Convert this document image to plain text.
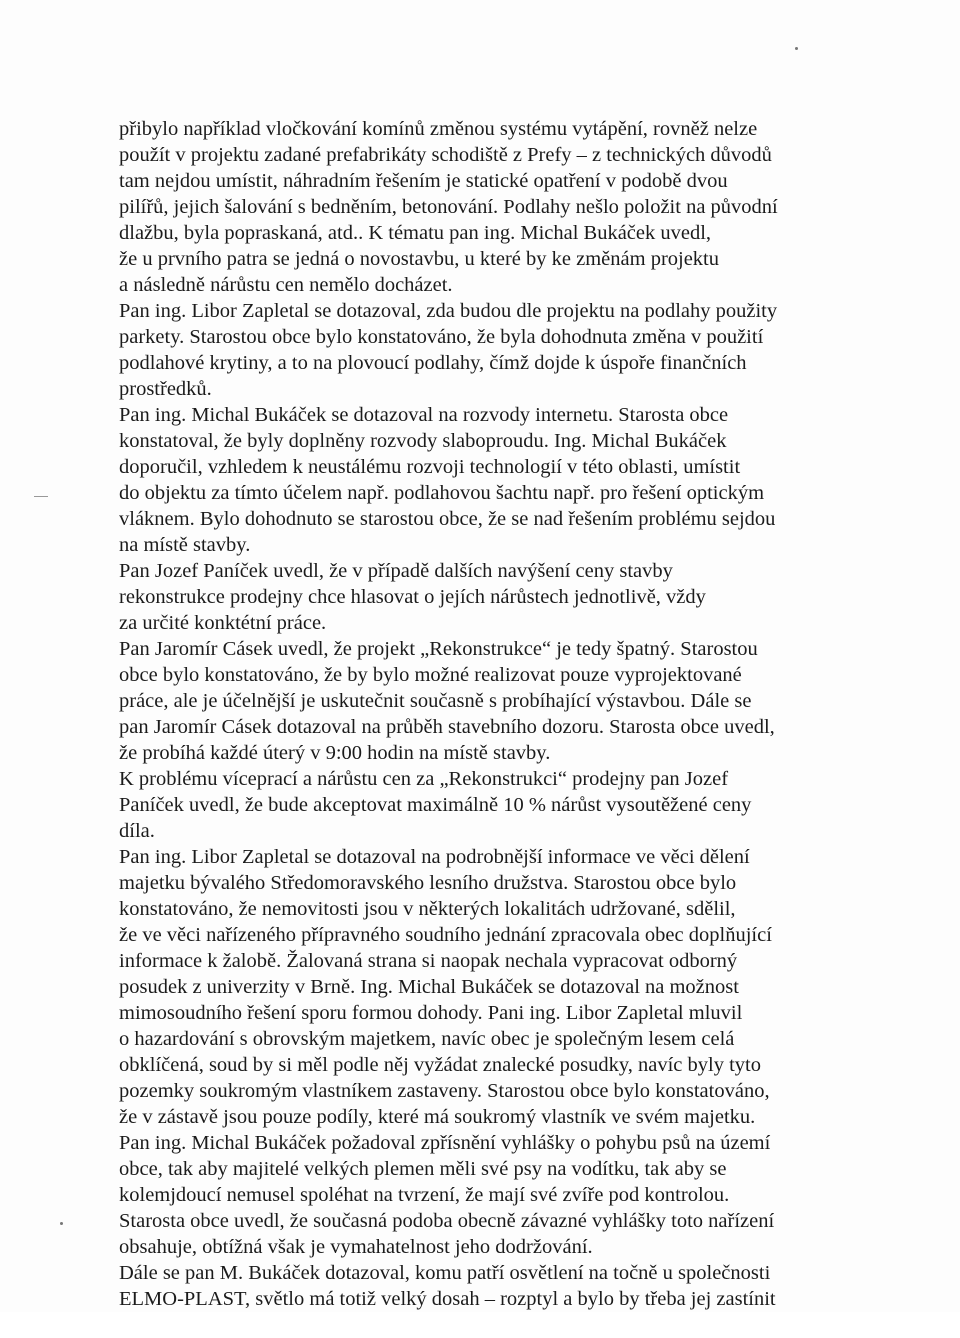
přibylo například vločkování komínů změnou systému vytápění, rovněž nelze
použít v projektu zadané prefabrikáty schodiště z Prefy – z technických důvodů
tam nejdou umístit, náhradním řešením je statické opatření v podobě dvou
pilířů, jejich šalování s bedněním, betonování. Podlahy nešlo položit na původní
dlažbu, byla popraskaná, atd.. K tématu pan ing. Michal Bukáček uvedl,
že u prvního patra se jedná o novostavbu, u které by ke změnám projektu
a následně nárůstu cen nemělo docházet.
Pan ing. Libor Zapletal se dotazoval, zda budou dle projektu na podlahy použity
parkety. Starostou obce bylo konstatováno, že byla dohodnuta změna v použití
podlahové krytiny, a to na plovoucí podlahy, čímž dojde k úspoře finančních
prostředků.
Pan ing. Michal Bukáček se dotazoval na rozvody internetu. Starosta obce
konstatoval, že byly doplněny rozvody slaboproudu. Ing. Michal Bukáček
doporučil, vzhledem k neustálému rozvoji technologií v této oblasti, umístit
do objektu za tímto účelem např. podlahovou šachtu např. pro řešení optickým
vláknem. Bylo dohodnuto se starostou obce, že se nad řešením problému sejdou
na místě stavby.
Pan Jozef Paníček uvedl, že v případě dalších navýšení ceny stavby
rekonstrukce prodejny chce hlasovat o jejích nárůstech jednotlivě, vždy
za určité konktétní práce.
Pan Jaromír Cásek uvedl, že projekt „Rekonstrukce“ je tedy špatný. Starostou
obce bylo konstatováno, že by bylo možné realizovat pouze vyprojektované
práce, ale je účelnější je uskutečnit současně s probíhající výstavbou. Dále se
pan Jaromír Cásek dotazoval na průběh stavebního dozoru. Starosta obce uvedl,
že probíhá každé úterý v 9:00 hodin na místě stavby.
K problému víceprací a nárůstu cen za „Rekonstrukci“ prodejny pan Jozef
Paníček uvedl, že bude akceptovat maximálně 10 % nárůst vysoutěžené ceny
díla.
Pan ing. Libor Zapletal se dotazoval na podrobnější informace ve věci dělení
majetku bývalého Středomoravského lesního družstva. Starostou obce bylo
konstatováno, že nemovitosti jsou v některých lokalitách udržované, sdělil,
že ve věci nařízeného přípravného soudního jednání zpracovala obec doplňující
informace k žalobě. Žalovaná strana si naopak nechala vypracovat odborný
posudek z univerzity v Brně. Ing. Michal Bukáček se dotazoval na možnost
mimosoudního řešení sporu formou dohody. Pani ing. Libor Zapletal mluvil
o hazardování s obrovským majetkem, navíc obec je společným lesem celá
obklíčená, soud by si měl podle něj vyžádat znalecké posudky, navíc byly tyto
pozemky soukromým vlastníkem zastaveny. Starostou obce bylo konstatováno,
že v zástavě jsou pouze podíly, které má soukromý vlastník ve svém majetku.
Pan ing. Michal Bukáček požadoval zpřísnění vyhlášky o pohybu psů na území
obce, tak aby majitelé velkých plemen měli své psy na vodítku, tak aby se
kolemjdoucí nemusel spoléhat na tvrzení, že mají své zvíře pod kontrolou.
Starosta obce uvedl, že současná podoba obecně závazné vyhlášky toto nařízení
obsahuje, obtížná však je vymahatelnost jeho dodržování.
Dále se pan M. Bukáček dotazoval, komu patří osvětlení na točně u společnosti
ELMO-PLAST, světlo má totiž velký dosah – rozptyl a bylo by třeba jej zastínit
